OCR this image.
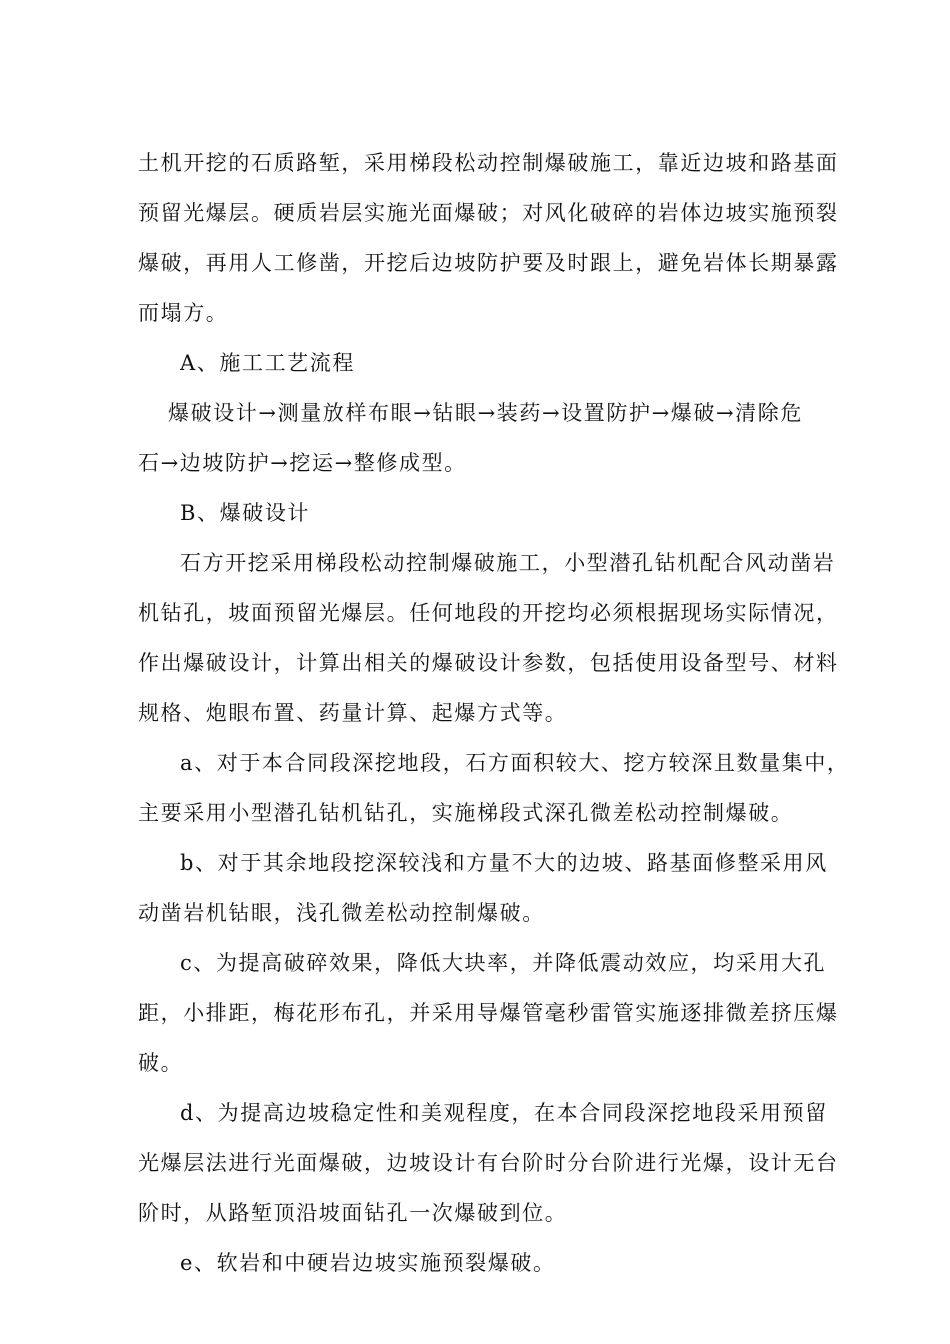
土机开挖的石质路堑，采用梯段松动控制爆破施工，靠近边坡和路基面
预留光爆层。硬质岩层实施光面爆破；对风化破碎的岩体边坡实施预裂
爆破，再用人工修凿，开挖后边坡防护要及时跟上，避免岩体长期暴露
而塌方。
A、施工工艺流程
爆破设计→测量放样布眼→钻眼→装药→设置防护→爆破→清除危
石→边坡防护→挖运→整修成型。
B、爆破设计
石方开挖采用梯段松动控制爆破施工，小型潜孔钻机配合风动凿岩
机钻孔，坡面预留光爆层。任何地段的开挖均必须根据现场实际情况，
作出爆破设计，计算出相关的爆破设计参数，包括使用设备型号、材料
规格、炮眼布置、药量计算、起爆方式等。
a、对于本合同段深挖地段，石方面积较大、挖方较深且数量集中，
主要采用小型潜孔钻机钻孔，实施梯段式深孔微差松动控制爆破。
b、对于其余地段挖深较浅和方量不大的边坡、路基面修整采用风
动凿岩机钻眼，浅孔微差松动控制爆破。
c、为提高破碎效果，降低大块率，并降低震动效应，均采用大孔
距，小排距，梅花形布孔，并采用导爆管毫秒雷管实施逐排微差挤压爆
破。
d、为提高边坡稳定性和美观程度，在本合同段深挖地段采用预留
光爆层法进行光面爆破，边坡设计有台阶时分台阶进行光爆，设计无台
阶时，从路堑顶沿坡面钻孔一次爆破到位。
e、软岩和中硬岩边坡实施预裂爆破。
